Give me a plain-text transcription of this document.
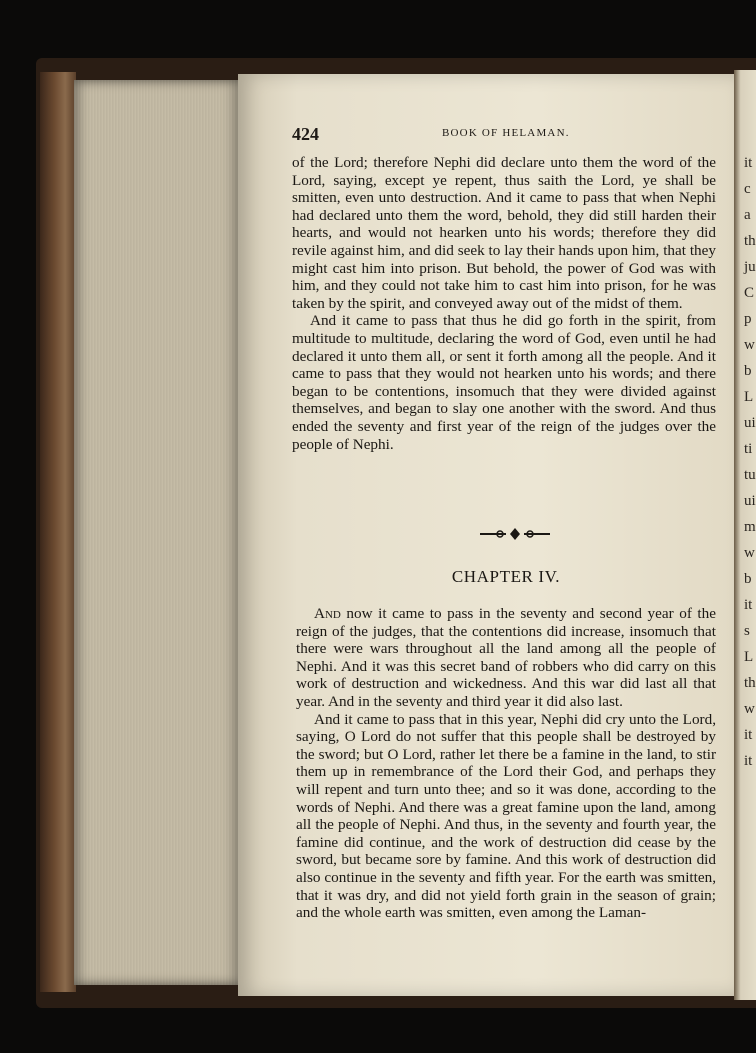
it
c
a
th
ju
C
p
w
b
L
ui
ti
tu
ui
m
w
b
it
s
L
th
w
it
it
424	BOOK OF HELAMAN.

of the Lord; therefore Nephi did declare unto them the word of the Lord, saying, except ye repent, thus saith the Lord, ye shall be smitten, even unto destruction. And it came to pass that when Nephi had declared unto them the word, behold, they did still harden their hearts, and would not hearken unto his words; therefore they did revile against him, and did seek to lay their hands upon him, that they might cast him into prison. But behold, the power of God was with him, and they could not take him to cast him into prison, for he was taken by the spirit, and conveyed away out of the midst of them.

And it came to pass that thus he did go forth in the spirit, from multitude to multitude, declaring the word of God, even until he had declared it unto them all, or sent it forth among all the people. And it came to pass that they would not hearken unto his words; and there began to be contentions, insomuch that they were divided against themselves, and began to slay one another with the sword. And thus ended the seventy and first year of the reign of the judges over the people of Nephi.

CHAPTER IV.

And now it came to pass in the seventy and second year of the reign of the judges, that the contentions did increase, insomuch that there were wars throughout all the land among all the people of Nephi. And it was this secret band of robbers who did carry on this work of destruction and wickedness. And this war did last all that year. And in the seventy and third year it did also last.

And it came to pass that in this year, Nephi did cry unto the Lord, saying, O Lord do not suffer that this people shall be destroyed by the sword; but O Lord, rather let there be a famine in the land, to stir them up in remembrance of the Lord their God, and perhaps they will repent and turn unto thee; and so it was done, according to the words of Nephi. And there was a great famine upon the land, among all the people of Nephi. And thus, in the seventy and fourth year, the famine did continue, and the work of destruction did cease by the sword, but became sore by famine. And this work of destruction did also continue in the seventy and fifth year. For the earth was smitten, that it was dry, and did not yield forth grain in the season of grain; and the whole earth was smitten, even among the Laman-
